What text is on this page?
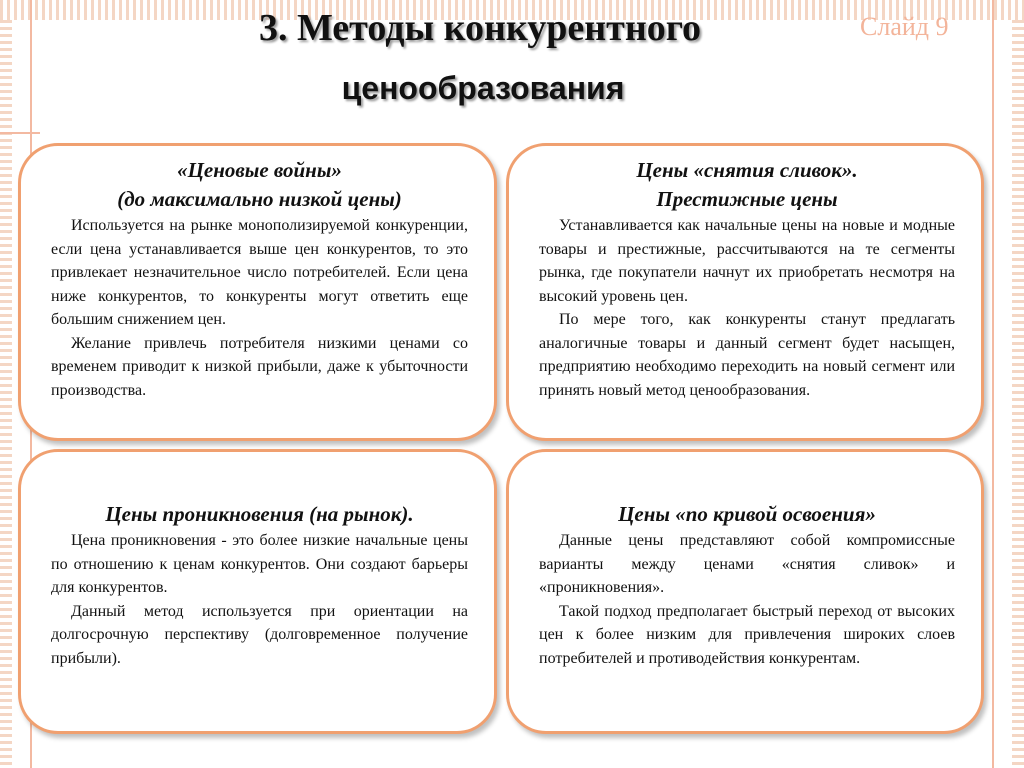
3. Методы конкурентного
ценообразования
Слайд 9
«Ценовые войны»
(до максимально низкой цены)

Используется на рынке монополизируемой конкуренции, если цена устанавливается выше цен конкурентов, то это привлекает незначительное число потребителей. Если цена ниже конкурентов, то конкуренты могут ответить еще большим снижением цен.

Желание привлечь потребителя низкими ценами со временем приводит к низкой прибыли, даже к убыточности производства.

Цены «снятия сливок».
Престижные цены

Устанавливается как начальные цены на новые и модные товары и престижные, рассчитываются на те сегменты рынка, где покупатели начнут их приобретать несмотря на высокий уровень цен.

По мере того, как конкуренты станут предлагать аналогичные товары и данный сегмент будет насыщен, предприятию необходимо переходить на новый сегмент или принять новый метод ценообразования.

Цены проникновения (на рынок).

Цена проникновения - это более низкие начальные цены по отношению к ценам конкурентов. Они создают барьеры для конкурентов.

Данный метод используется при ориентации на долгосрочную перспективу (долговременное получение прибыли).

Цены «по кривой освоения»

Данные цены представляют собой компромиссные варианты между ценами «снятия сливок» и «проникновения».

Такой подход предполагает быстрый переход от высоких цен к более низким для привлечения широких слоев потребителей и противодействия конкурентам.
